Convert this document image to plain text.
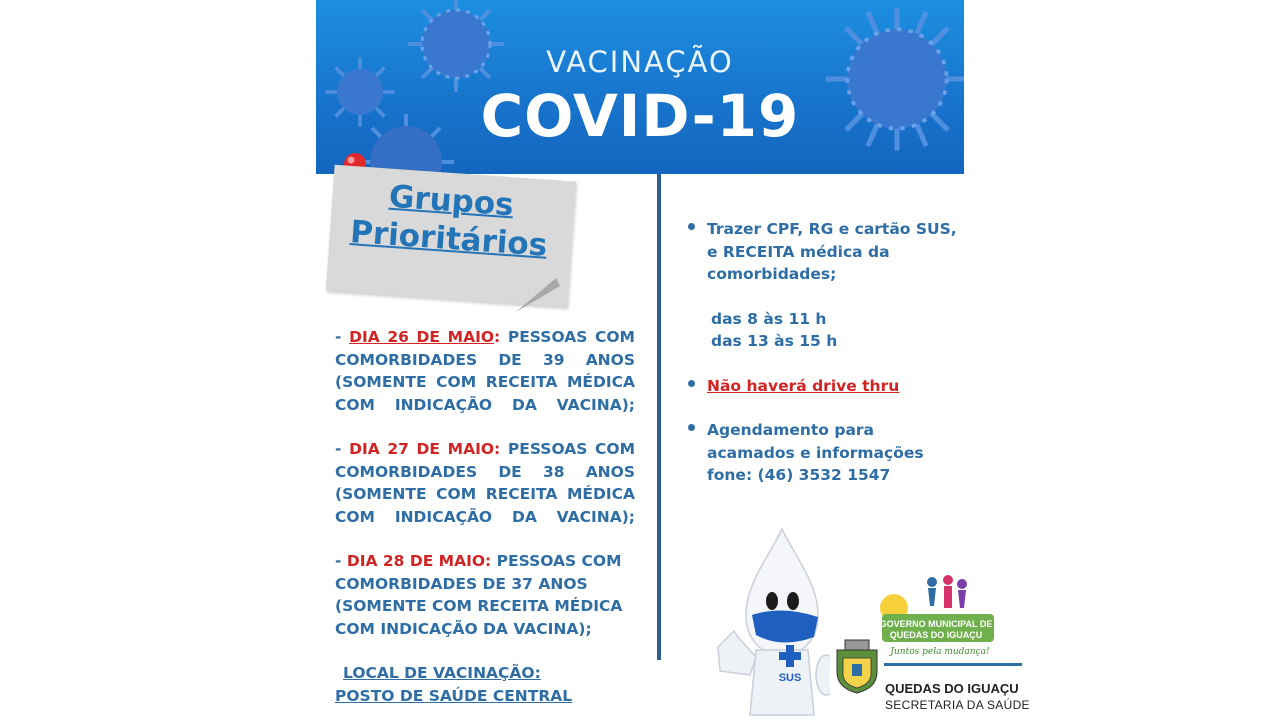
VACINAÇÃO
COVID-19
Grupos
Prioritários
- DIA 26 DE MAIO: PESSOAS COM COMORBIDADES DE 39 ANOS (SOMENTE COM RECEITA MÉDICA COM INDICAÇÃO DA VACINA);
- DIA 27 DE MAIO: PESSOAS COM COMORBIDADES DE 38 ANOS (SOMENTE COM RECEITA MÉDICA COM INDICAÇÃO DA VACINA);
- DIA 28 DE MAIO: PESSOAS COM COMORBIDADES DE 37 ANOS (SOMENTE COM RECEITA MÉDICA COM INDICAÇÃO DA VACINA);
LOCAL DE VACINAÇÃO:
POSTO DE SAÚDE CENTRAL
Trazer CPF, RG e cartão SUS, e RECEITA médica da comorbidades;
das 8 às 11 h
das 13 às 15 h
Não haverá drive thru
Agendamento para acamados e informações
fone: (46) 3532 1547
SUS
GOVERNO MUNICIPAL DE
QUEDAS DO IGUAÇU
Juntos pela mudança!
QUEDAS DO IGUAÇU
SECRETARIA DA SAÚDE
